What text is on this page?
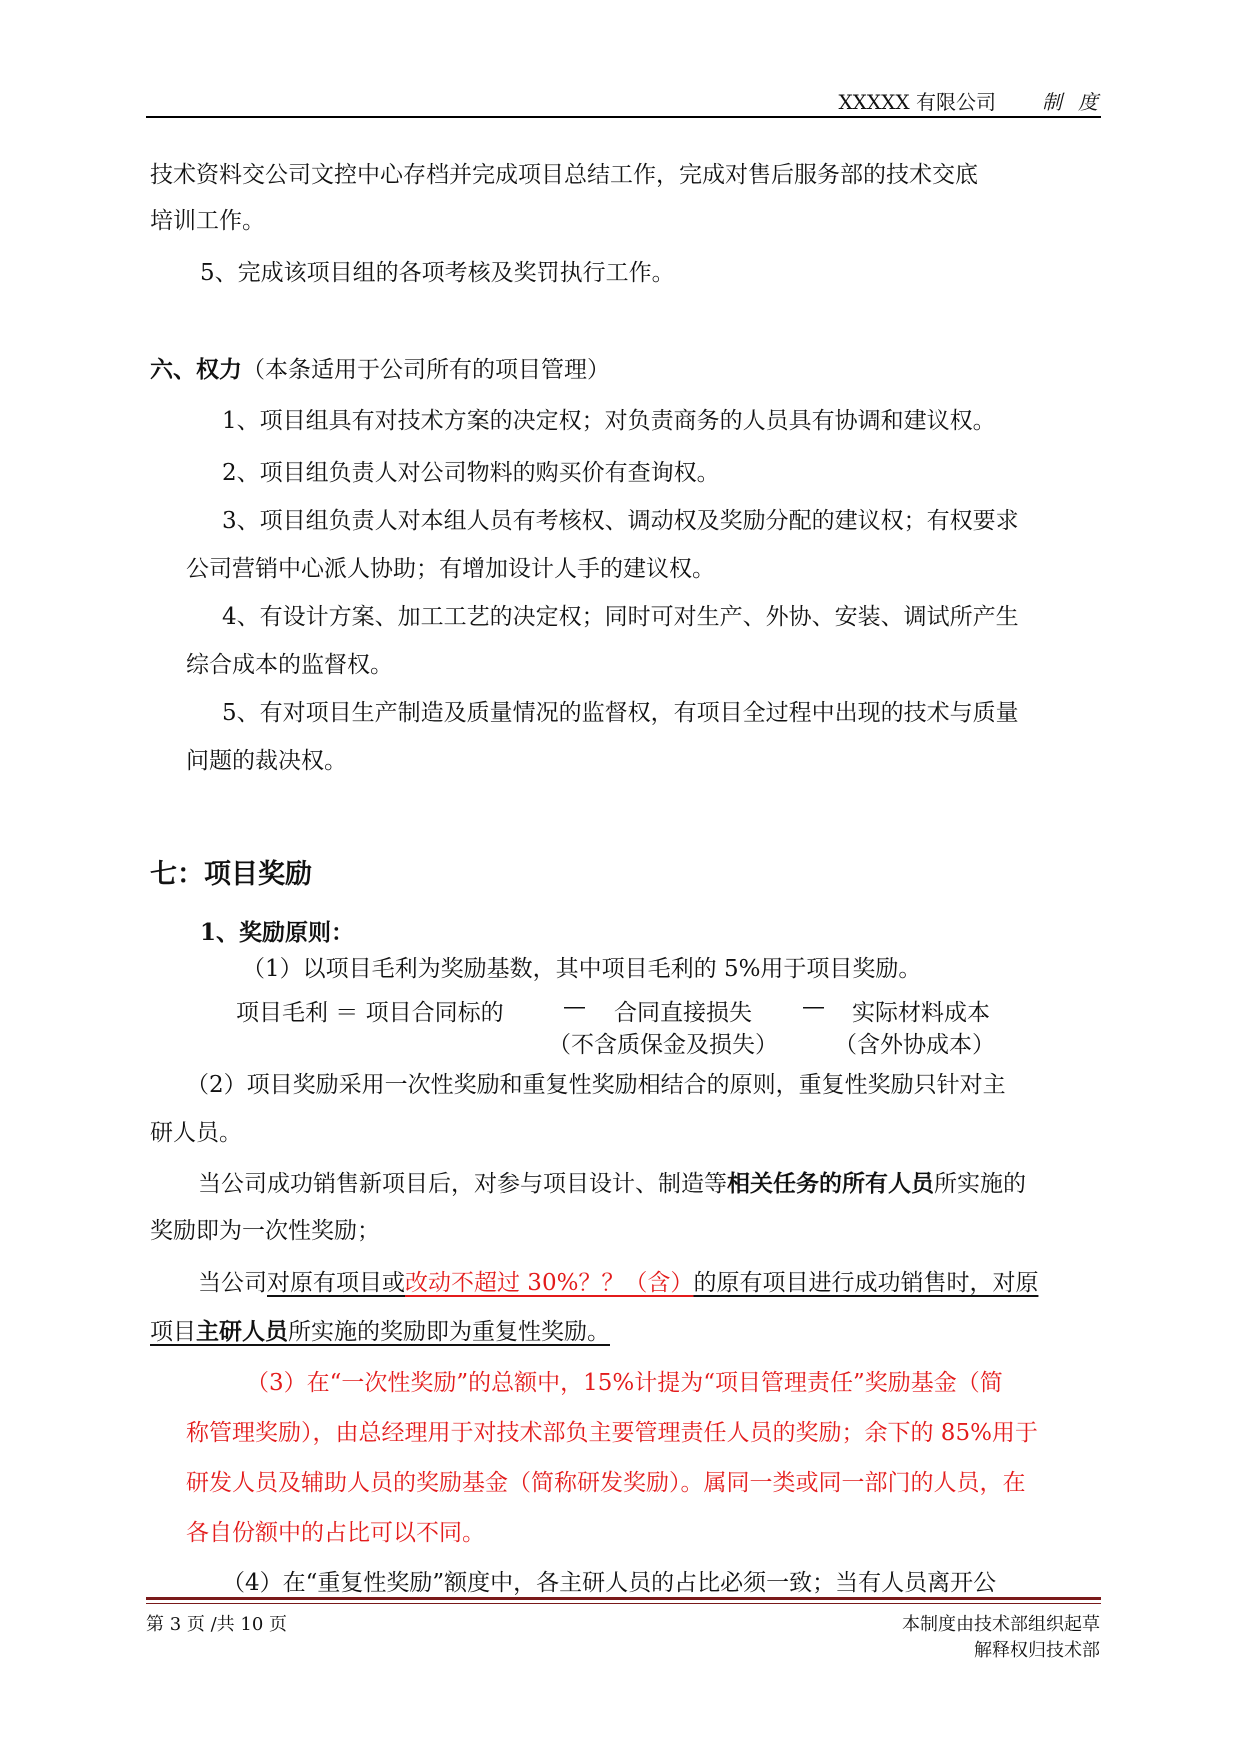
XXXXX 有限公司 制度
技术资料交公司文控中心存档并完成项目总结工作，完成对售后服务部的技术交底
培训工作。
5、完成该项目组的各项考核及奖罚执行工作。
六、权力（本条适用于公司所有的项目管理）
1、项目组具有对技术方案的决定权；对负责商务的人员具有协调和建议权。
2、项目组负责人对公司物料的购买价有查询权。
3、项目组负责人对本组人员有考核权、调动权及奖励分配的建议权；有权要求
公司营销中心派人协助；有增加设计人手的建议权。
4、有设计方案、加工工艺的决定权；同时可对生产、外协、安装、调试所产生
综合成本的监督权。
5、有对项目生产制造及质量情况的监督权，有项目全过程中出现的技术与质量
问题的裁决权。
七：项目奖励
1、奖励原则：
（1）以项目毛利为奖励基数，其中项目毛利的 5%用于项目奖励。
项目毛利 ＝ 项目合同标的	— 合同直接损失 — 实际材料成本
（不含质保金及损失） （含外协成本）
（2）项目奖励采用一次性奖励和重复性奖励相结合的原则，重复性奖励只针对主
研人员。
当公司成功销售新项目后，对参与项目设计、制造等相关任务的所有人员所实施的
奖励即为一次性奖励；
当公司对原有项目或改动不超过 30%？？（含）的原有项目进行成功销售时，对原
项目主研人员所实施的奖励即为重复性奖励。
（3）在“一次性奖励”的总额中，15%计提为“项目管理责任”奖励基金（简
称管理奖励），由总经理用于对技术部负主要管理责任人员的奖励；余下的 85%用于
研发人员及辅助人员的奖励基金（简称研发奖励）。属同一类或同一部门的人员，在
各自份额中的占比可以不同。
（4）在“重复性奖励”额度中，各主研人员的占比必须一致；当有人员离开公
第 3 页 /共 10 页	本制度由技术部组织起草
解释权归技术部
